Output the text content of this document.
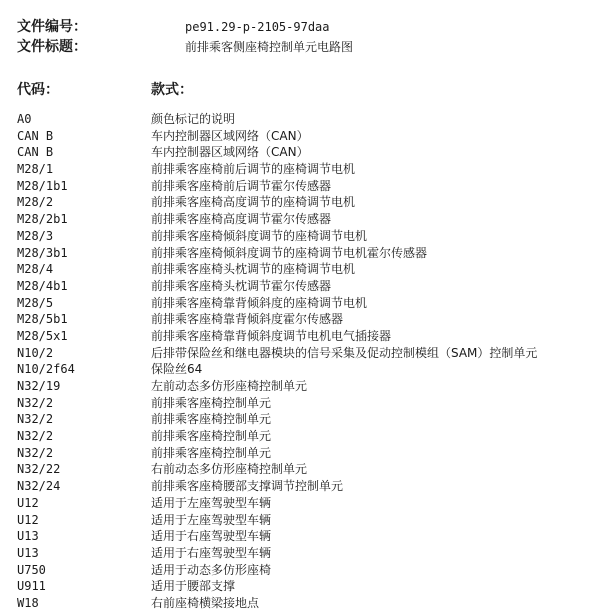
文件编号：	pe91.29-p-2105-97daa
文件标题：	前排乘客侧座椅控制单元电路图
代码：	款式：
A0	颜色标记的说明
CAN B	车内控制器区域网络（CAN）
CAN B	车内控制器区域网络（CAN）
M28/1	前排乘客座椅前后调节的座椅调节电机
M28/1b1	前排乘客座椅前后调节霍尔传感器
M28/2	前排乘客座椅高度调节的座椅调节电机
M28/2b1	前排乘客座椅高度调节霍尔传感器
M28/3	前排乘客座椅倾斜度调节的座椅调节电机
M28/3b1	前排乘客座椅倾斜度调节的座椅调节电机霍尔传感器
M28/4	前排乘客座椅头枕调节的座椅调节电机
M28/4b1	前排乘客座椅头枕调节霍尔传感器
M28/5	前排乘客座椅靠背倾斜度的座椅调节电机
M28/5b1	前排乘客座椅靠背倾斜度霍尔传感器
M28/5x1	前排乘客座椅靠背倾斜度调节电机电气插接器
N10/2	后排带保险丝和继电器模块的信号采集及促动控制模组（SAM）控制单元
N10/2f64	保险丝64
N32/19	左前动态多仿形座椅控制单元
N32/2	前排乘客座椅控制单元
N32/2	前排乘客座椅控制单元
N32/2	前排乘客座椅控制单元
N32/2	前排乘客座椅控制单元
N32/22	右前动态多仿形座椅控制单元
N32/24	前排乘客座椅腰部支撑调节控制单元
U12	适用于左座驾驶型车辆
U12	适用于左座驾驶型车辆
U13	适用于右座驾驶型车辆
U13	适用于右座驾驶型车辆
U750	适用于动态多仿形座椅
U911	适用于腰部支撑
W18	右前座椅横梁接地点
